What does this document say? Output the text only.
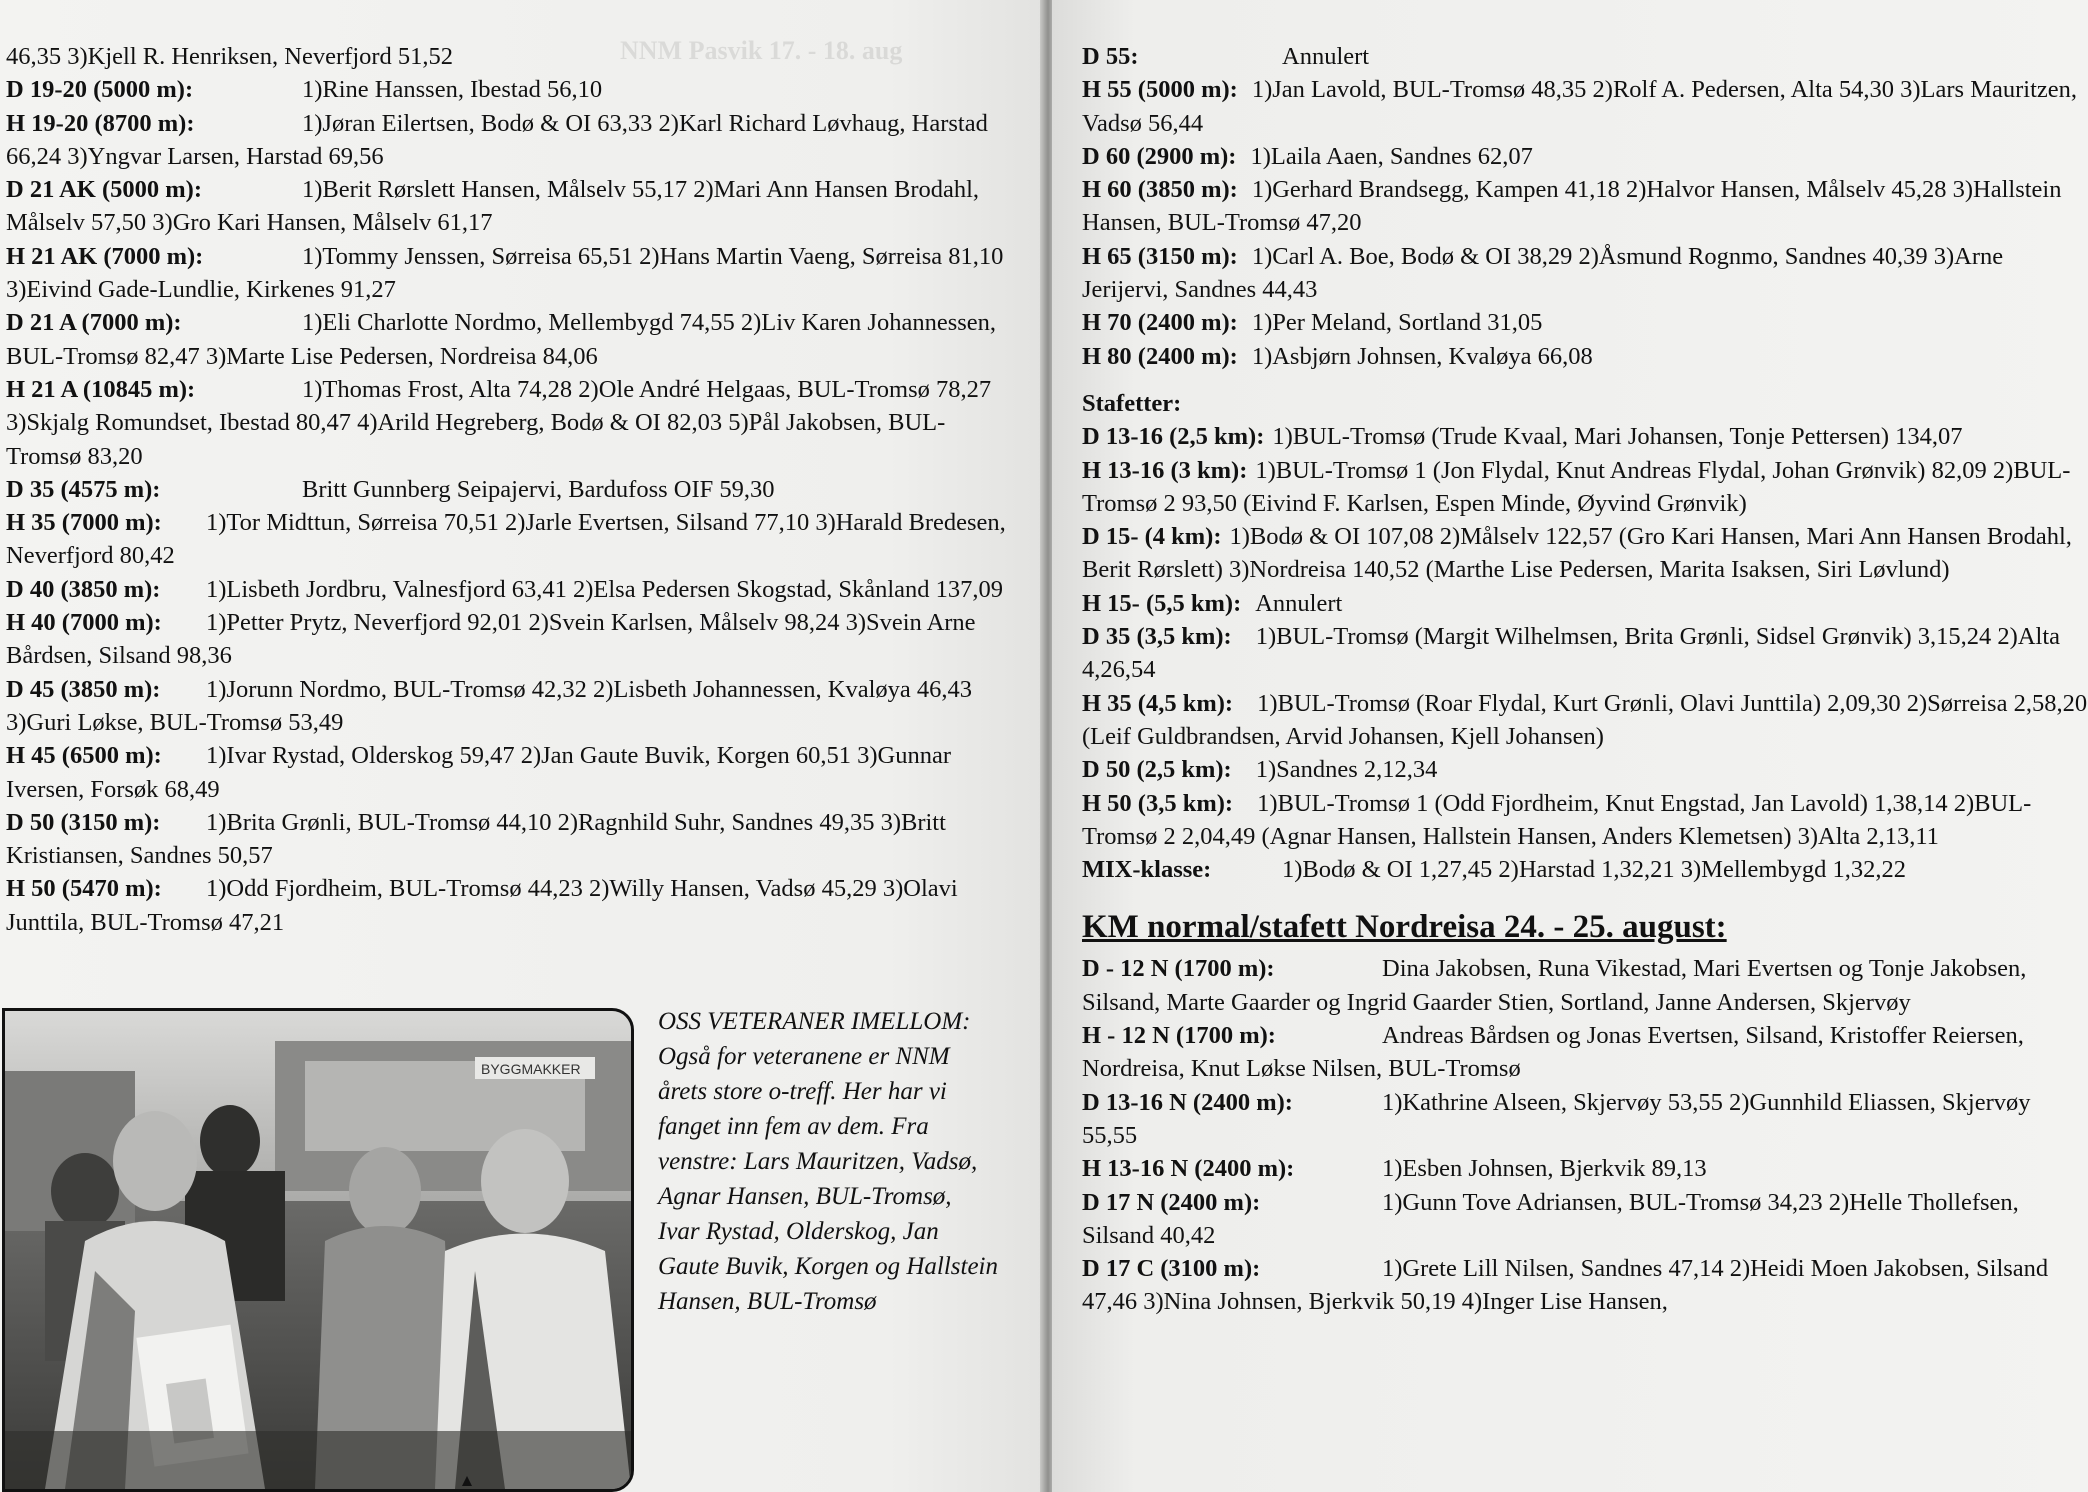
NNM Pasvik 17. - 18. aug

46,35 3)Kjell R. Henriksen, Neverfjord 51,52

D 19-20 (5000 m):	1)Rine Hanssen, Ibestad 56,10

H 19-20 (8700 m):	1)Jøran Eilertsen, Bodø & OI 63,33 2)Karl Richard Løvhaug, Harstad 66,24 3)Yngvar Larsen, Harstad 69,56

D 21 AK (5000 m):	1)Berit Rørslett Hansen, Målselv 55,17 2)Mari Ann Hansen Brodahl, Målselv 57,50 3)Gro Kari Hansen, Målselv 61,17

H 21 AK (7000 m):	1)Tommy Jenssen, Sørreisa 65,51 2)Hans Martin Vaeng, Sørreisa 81,10 3)Eivind Gade-Lundlie, Kirkenes 91,27

D 21 A (7000 m):	1)Eli Charlotte Nordmo, Mellembygd 74,55 2)Liv Karen Johannessen, BUL-Tromsø 82,47 3)Marte Lise Pedersen, Nordreisa 84,06

H 21 A (10845 m):	1)Thomas Frost, Alta 74,28 2)Ole André Helgaas, BUL-Tromsø 78,27 3)Skjalg Romundset, Ibestad 80,47 4)Arild Hegreberg, Bodø & OI 82,03 5)Pål Jakobsen, BUL-Tromsø 83,20

D 35 (4575 m):	Britt Gunnberg Seipajervi, Bardufoss OIF 59,30

H 35 (7000 m): 1)Tor Midttun, Sørreisa 70,51 2)Jarle Evertsen, Silsand 77,10 3)Harald Bredesen, Neverfjord 80,42

D 40 (3850 m): 1)Lisbeth Jordbru, Valnesfjord 63,41 2)Elsa Pedersen Skogstad, Skånland 137,09

H 40 (7000 m): 1)Petter Prytz, Neverfjord 92,01 2)Svein Karlsen, Målselv 98,24 3)Svein Arne Bårdsen, Silsand 98,36

D 45 (3850 m): 1)Jorunn Nordmo, BUL-Tromsø 42,32 2)Lisbeth Johannessen, Kvaløya 46,43 3)Guri Løkse, BUL-Tromsø 53,49

H 45 (6500 m): 1)Ivar Rystad, Olderskog 59,47 2)Jan Gaute Buvik, Korgen 60,51 3)Gunnar Iversen, Forsøk 68,49

D 50 (3150 m): 1)Brita Grønli, BUL-Tromsø 44,10 2)Ragnhild Suhr, Sandnes 49,35 3)Britt Kristiansen, Sandnes 50,57

H 50 (5470 m): 1)Odd Fjordheim, BUL-Tromsø 44,23 2)Willy Hansen, Vadsø 45,29 3)Olavi Junttila, BUL-Tromsø 47,21

BYGGMAKKER
OSS VETERANER IMELLOM: Også for veteranene er NNM årets store o-treff. Her har vi fanget inn fem av dem. Fra venstre: Lars Mauritzen, Vadsø, Agnar Hansen, BUL-Tromsø, Ivar Rystad, Olderskog, Jan Gaute Buvik, Korgen og Hallstein Hansen, BUL-Tromsø

D 55:	Annulert

H 55 (5000 m): 1)Jan Lavold, BUL-Tromsø 48,35 2)Rolf A. Pedersen, Alta 54,30 3)Lars Mauritzen, Vadsø 56,44

D 60 (2900 m): 1)Laila Aaen, Sandnes 62,07

H 60 (3850 m): 1)Gerhard Brandsegg, Kampen 41,18 2)Halvor Hansen, Målselv 45,28 3)Hallstein Hansen, BUL-Tromsø 47,20

H 65 (3150 m): 1)Carl A. Boe, Bodø & OI 38,29 2)Åsmund Rognmo, Sandnes 40,39 3)Arne Jerijervi, Sandnes 44,43

H 70 (2400 m): 1)Per Meland, Sortland 31,05

H 80 (2400 m): 1)Asbjørn Johnsen, Kvaløya 66,08

Stafetter:

D 13-16 (2,5 km): 1)BUL-Tromsø (Trude Kvaal, Mari Johansen, Tonje Pettersen) 134,07

H 13-16 (3 km): 1)BUL-Tromsø 1 (Jon Flydal, Knut Andreas Flydal, Johan Grønvik) 82,09 2)BUL-Tromsø 2 93,50 (Eivind F. Karlsen, Espen Minde, Øyvind Grønvik)

D 15- (4 km): 1)Bodø & OI 107,08 2)Målselv 122,57 (Gro Kari Hansen, Mari Ann Hansen Brodahl, Berit Rørslett) 3)Nordreisa 140,52 (Marthe Lise Pedersen, Marita Isaksen, Siri Løvlund)

H 15- (5,5 km): Annulert

D 35 (3,5 km): 1)BUL-Tromsø (Margit Wilhelmsen, Brita Grønli, Sidsel Grønvik) 3,15,24 2)Alta 4,26,54

H 35 (4,5 km): 1)BUL-Tromsø (Roar Flydal, Kurt Grønli, Olavi Junttila) 2,09,30 2)Sørreisa 2,58,20 (Leif Guldbrandsen, Arvid Johansen, Kjell Johansen)

D 50 (2,5 km): 1)Sandnes 2,12,34

H 50 (3,5 km): 1)BUL-Tromsø 1 (Odd Fjordheim, Knut Engstad, Jan Lavold) 1,38,14 2)BUL-Tromsø 2 2,04,49 (Agnar Hansen, Hallstein Hansen, Anders Klemetsen) 3)Alta 2,13,11

MIX-klasse:	1)Bodø & OI 1,27,45 2)Harstad 1,32,21 3)Mellembygd 1,32,22

KM normal/stafett Nordreisa 24. - 25. august:

D - 12 N (1700 m):	Dina Jakobsen, Runa Vikestad, Mari Evertsen og Tonje Jakobsen, Silsand, Marte Gaarder og Ingrid Gaarder Stien, Sortland, Janne Andersen, Skjervøy

H - 12 N (1700 m):	Andreas Bårdsen og Jonas Evertsen, Silsand, Kristoffer Reiersen, Nordreisa, Knut Løkse Nilsen, BUL-Tromsø

D 13-16 N (2400 m):	1)Kathrine Alseen, Skjervøy 53,55 2)Gunnhild Eliassen, Skjervøy 55,55

H 13-16 N (2400 m):	1)Esben Johnsen, Bjerkvik 89,13

D 17 N (2400 m):	1)Gunn Tove Adriansen, BUL-Tromsø 34,23 2)Helle Thollefsen, Silsand 40,42

D 17 C (3100 m):	1)Grete Lill Nilsen, Sandnes 47,14 2)Heidi Moen Jakobsen, Silsand 47,46 3)Nina Johnsen, Bjerkvik 50,19 4)Inger Lise Hansen,
